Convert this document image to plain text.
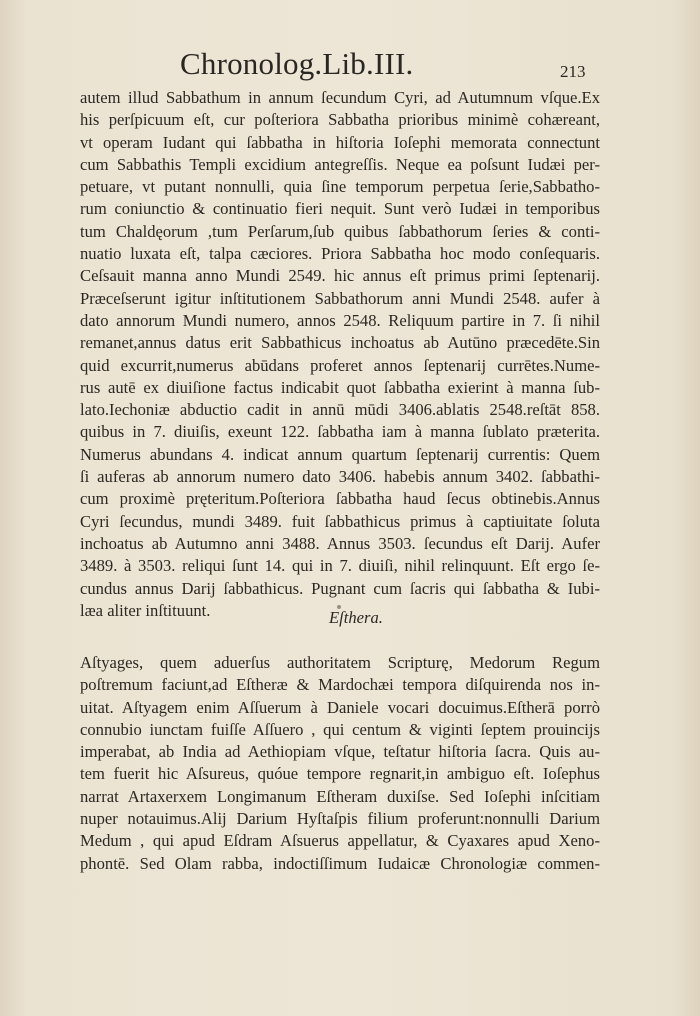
Chronolog.Lib.III.	213
autem illud Sabbathum in annum ſecundum Cyri, ad Autumnum vſque.Ex
his perſpicuum eſt, cur poſteriora Sabbatha prioribus minimè cohæreant,
vt operam Iudant qui ſabbatha in hiſtoria Ioſephi memorata connectunt
cum Sabbathis Templi excidium antegreſſis. Neque ea poſsunt Iudæi per-
petuare, vt putant nonnulli, quia ſine temporum perpetua ſerie,Sabbatho-
rum coniunctio & continuatio fieri nequit. Sunt verò Iudæi in temporibus
tum Chaldęorum ,tum Perſarum,ſub quibus ſabbathorum ſeries & conti-
nuatio luxata eſt, talpa cæciores. Priora Sabbatha hoc modo conſequaris.
Ceſsauit manna anno Mundi 2549. hic annus eſt primus primi ſeptenarij.
Præceſserunt igitur inſtitutionem Sabbathorum anni Mundi 2548. aufer à
dato annorum Mundi numero, annos 2548. Reliquum partire in 7. ſi nihil
remanet,annus datus erit Sabbathicus inchoatus ab Autūno præcedēte.Sin
quid excurrit,numerus abūdans proferet annos ſeptenarij currētes.Nume-
rus autē ex diuiſione factus indicabit quot ſabbatha exierint à manna ſub-
lato.Iechoniæ abductio cadit in annū mūdi 3406.ablatis 2548.reſtāt 858.
quibus in 7. diuiſis, exeunt 122. ſabbatha iam à manna ſublato præterita.
Numerus abundans 4. indicat annum quartum ſeptenarij currentis: Quem
ſi auferas ab annorum numero dato 3406. habebis annum 3402. ſabbathi-
cum proximè pręteritum.Poſteriora ſabbatha haud ſecus obtinebis.Annus
Cyri ſecundus, mundi 3489. fuit ſabbathicus primus à captiuitate ſoluta
inchoatus ab Autumno anni 3488. Annus 3503. ſecundus eſt Darij. Aufer
3489. à 3503. reliqui ſunt 14. qui in 7. diuiſi, nihil relinquunt. Eſt ergo ſe-
cundus annus Darij ſabbathicus. Pugnant cum ſacris qui ſabbatha & Iubi-
læa aliter inſtituunt.	Eſthera.
Aſtyages, quem aduerſus authoritatem Scripturę, Medorum Regum
poſtremum faciunt,ad Eſtheræ & Mardochæi tempora diſquirenda nos in-
uitat. Aſtyagem enim Aſſuerum à Daniele vocari docuimus.Eſtherā porrò
connubio iunctam fuiſſe Aſſuero , qui centum & viginti ſeptem prouincijs
imperabat, ab India ad Aethiopiam vſque, teſtatur hiſtoria ſacra. Quis au-
tem fuerit hic Aſsureus, quóue tempore regnarit,in ambiguo eſt. Ioſephus
narrat Artaxerxem Longimanum Eſtheram duxiſse. Sed Ioſephi inſcitiam
nuper notauimus.Alij Darium Hyſtaſpis filium proferunt:nonnulli Darium
Medum , qui apud Eſdram Aſsuerus appellatur, & Cyaxares apud Xeno-
phontē. Sed Olam rabba, indoctiſſimum Iudaicæ Chronologiæ commen-
